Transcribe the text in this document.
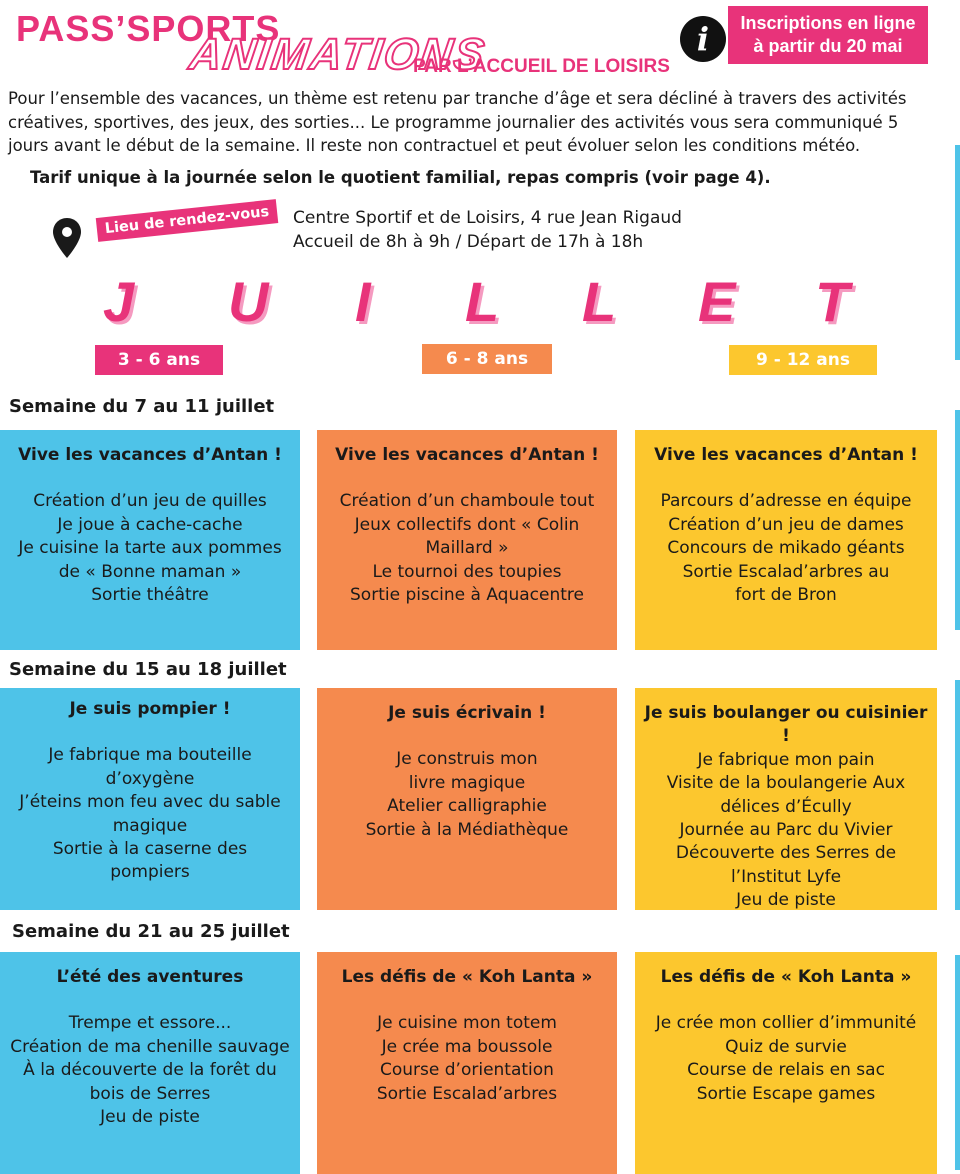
PASS’SPORTS
ANIMATIONS
PAR L’ACCUEIL DE LOISIRS
i	Inscriptions en ligne
à partir du 20 mai
Pour l’ensemble des vacances, un thème est retenu par tranche d’âge et sera décliné à travers des activités créatives, sportives, des jeux, des sorties... Le programme journalier des activités vous sera communiqué 5 jours avant le début de la semaine. Il reste non contractuel et peut évoluer selon les conditions météo.
Tarif unique à la journée selon le quotient familial, repas compris (voir page 4).
Lieu de rendez-vous	Centre Sportif et de Loisirs, 4 rue Jean Rigaud
Accueil de 8h à 9h / Départ de 17h à 18h
J U I L L E T
3 - 6 ans	6 - 8 ans	9 - 12 ans
Semaine du 7 au 11 juillet
Semaine du 15 au 18 juillet
Semaine du 21 au 25 juillet
Vive les vacances d’Antan !
Création d’un jeu de quilles
Je joue à cache-cache
Je cuisine la tarte aux pommes
de « Bonne maman »
Sortie théâtre
Vive les vacances d’Antan !
Création d’un chamboule tout
Jeux collectifs dont « Colin
Maillard »
Le tournoi des toupies
Sortie piscine à Aquacentre
Vive les vacances d’Antan !
Parcours d’adresse en équipe
Création d’un jeu de dames
Concours de mikado géants
Sortie Escalad’arbres au
fort de Bron
Je suis pompier !
Je fabrique ma bouteille
d’oxygène
J’éteins mon feu avec du sable
magique
Sortie à la caserne des
pompiers
Je suis écrivain !
Je construis mon
livre magique
Atelier calligraphie
Sortie à la Médiathèque
Je suis boulanger ou cuisinier !
Je fabrique mon pain
Visite de la boulangerie Aux
délices d’Écully
Journée au Parc du Vivier
Découverte des Serres de
l’Institut Lyfe
Jeu de piste
L’été des aventures
Trempe et essore...
Création de ma chenille sauvage
À la découverte de la forêt du
bois de Serres
Jeu de piste
Les défis de « Koh Lanta »
Je cuisine mon totem
Je crée ma boussole
Course d’orientation
Sortie Escalad’arbres
Les défis de « Koh Lanta »
Je crée mon collier d’immunité
Quiz de survie
Course de relais en sac
Sortie Escape games
